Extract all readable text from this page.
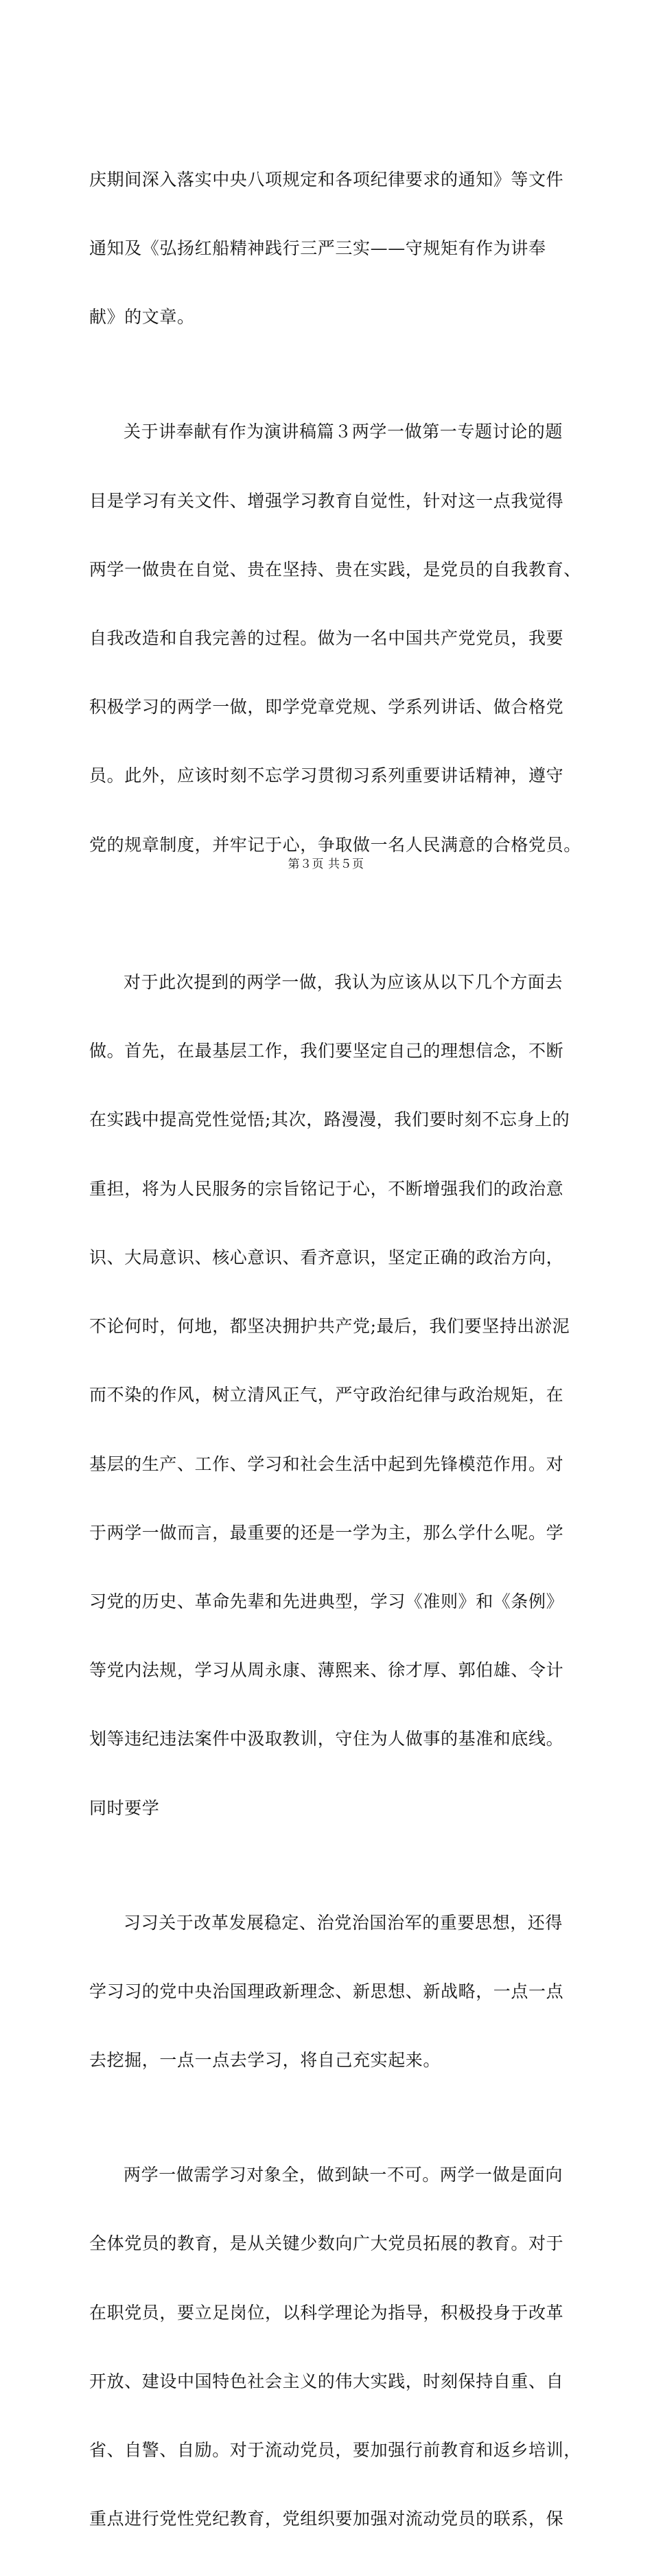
庆期间深入落实中央八项规定和各项纪律要求的通知》等文件

通知及《弘扬红船精神践行三严三实——守规矩有作为讲奉

献》的文章。

关于讲奉献有作为演讲稿篇３两学一做第一专题讨论的题

目是学习有关文件、增强学习教育自觉性，针对这一点我觉得

两学一做贵在自觉、贵在坚持、贵在实践，是党员的自我教育、

自我改造和自我完善的过程。做为一名中国共产党党员，我要

积极学习的两学一做，即学党章党规、学系列讲话、做合格党

员。此外，应该时刻不忘学习贯彻习系列重要讲话精神，遵守

党的规章制度，并牢记于心，争取做一名人民满意的合格党员。

对于此次提到的两学一做，我认为应该从以下几个方面去

做。首先，在最基层工作，我们要坚定自己的理想信念，不断

在实践中提高党性觉悟;其次，路漫漫，我们要时刻不忘身上的

重担，将为人民服务的宗旨铭记于心，不断增强我们的政治意

识、大局意识、核心意识、看齐意识，坚定正确的政治方向，

不论何时，何地，都坚决拥护共产党;最后，我们要坚持出淤泥

而不染的作风，树立清风正气，严守政治纪律与政治规矩，在

基层的生产、工作、学习和社会生活中起到先锋模范作用。对

于两学一做而言，最重要的还是一学为主，那么学什么呢。学

习党的历史、革命先辈和先进典型，学习《准则》和《条例》

等党内法规，学习从周永康、薄熙来、徐才厚、郭伯雄、令计

划等违纪违法案件中汲取教训，守住为人做事的基准和底线。

同时要学

习习关于改革发展稳定、治党治国治军的重要思想，还得

学习习的党中央治国理政新理念、新思想、新战略，一点一点

去挖掘，一点一点去学习，将自己充实起来。

两学一做需学习对象全，做到缺一不可。两学一做是面向

全体党员的教育，是从关键少数向广大党员拓展的教育。对于

在职党员，要立足岗位，以科学理论为指导，积极投身于改革

开放、建设中国特色社会主义的伟大实践，时刻保持自重、自

省、自警、自励。对于流动党员，要加强行前教育和返乡培训，

重点进行党性党纪教育，党组织要加强对流动党员的联系，保

第３页 共５页
